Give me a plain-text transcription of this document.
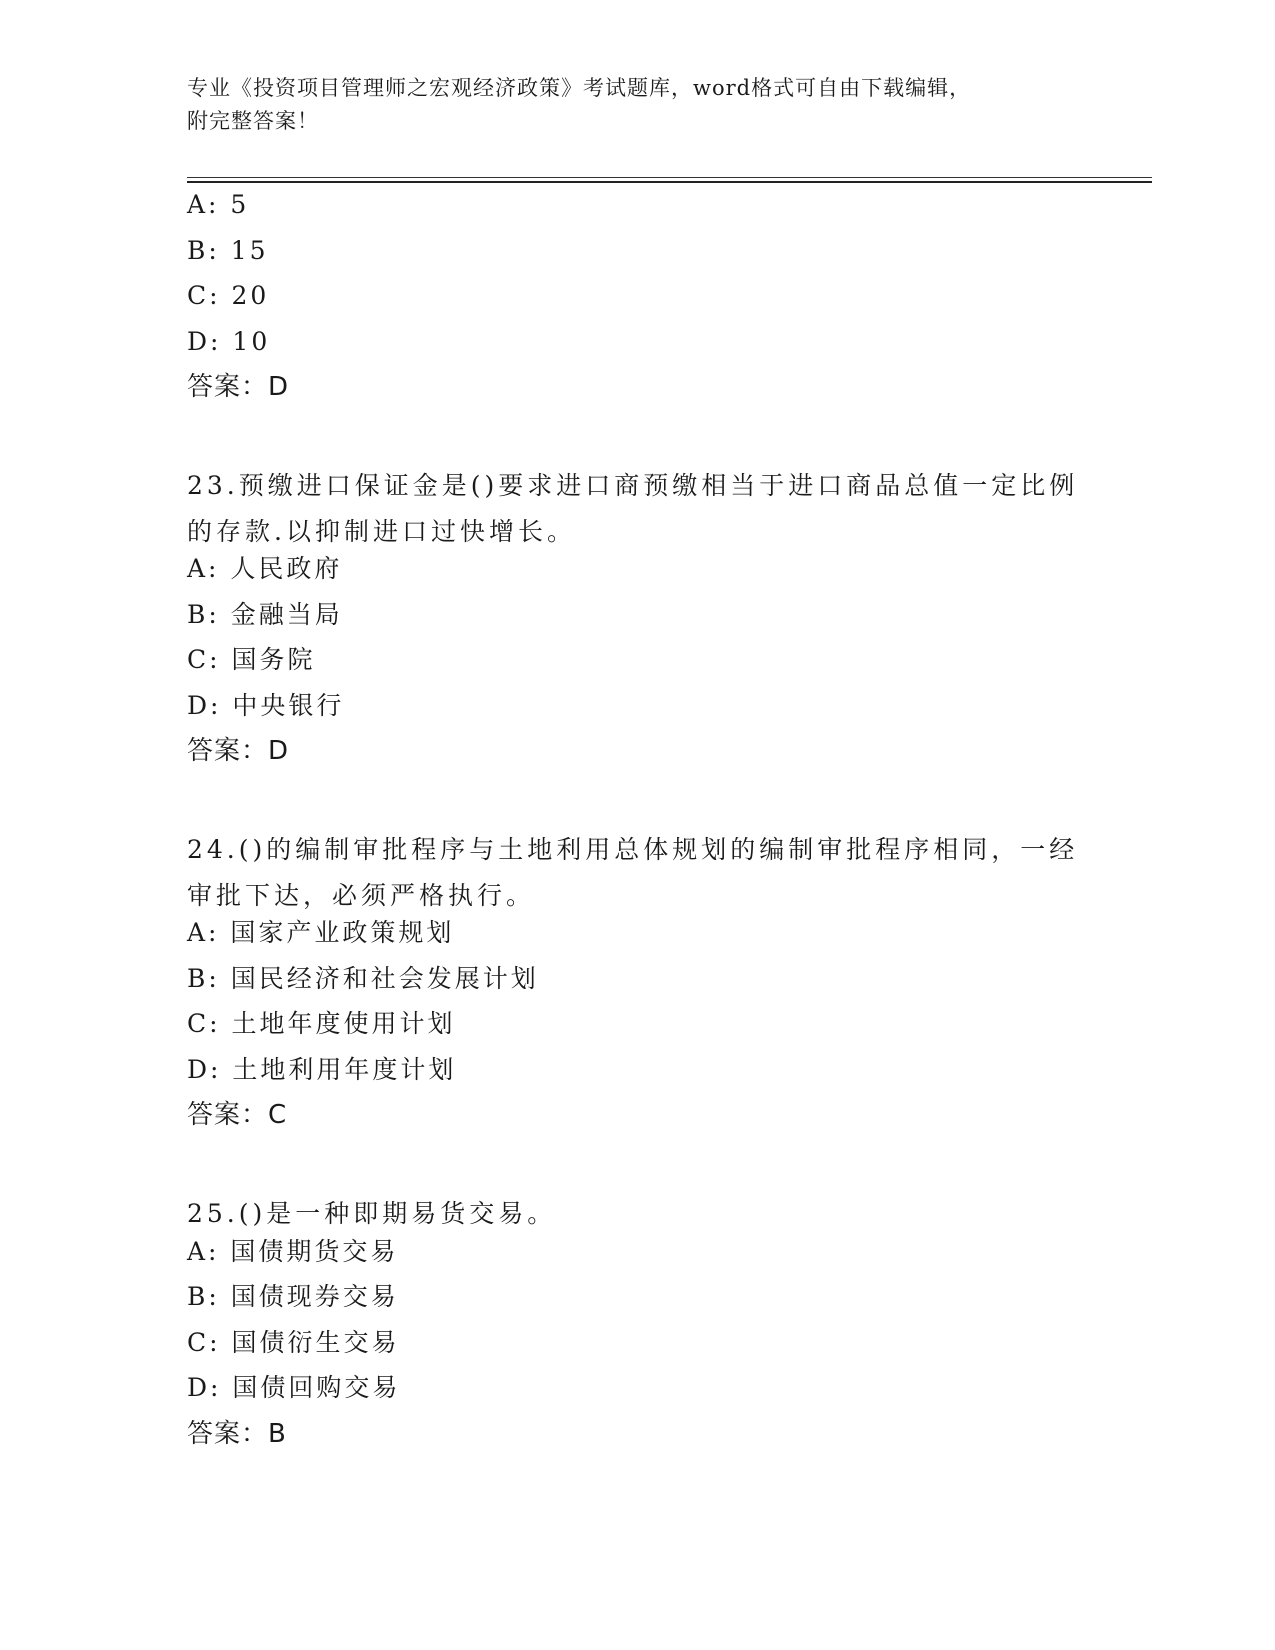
专业《投资项目管理师之宏观经济政策》考试题库，word格式可自由下载编辑，
附完整答案！
A: 5
B: 15
C: 20
D: 10
答案：D
23.预缴进口保证金是()要求进口商预缴相当于进口商品总值一定比例
的存款.以抑制进口过快增长。
A: 人民政府
B: 金融当局
C: 国务院
D: 中央银行
答案：D
24.()的编制审批程序与土地利用总体规划的编制审批程序相同，一经
审批下达，必须严格执行。
A: 国家产业政策规划
B: 国民经济和社会发展计划
C: 土地年度使用计划
D: 土地利用年度计划
答案：C
25.()是一种即期易货交易。
A: 国债期货交易
B: 国债现券交易
C: 国债衍生交易
D: 国债回购交易
答案：B
